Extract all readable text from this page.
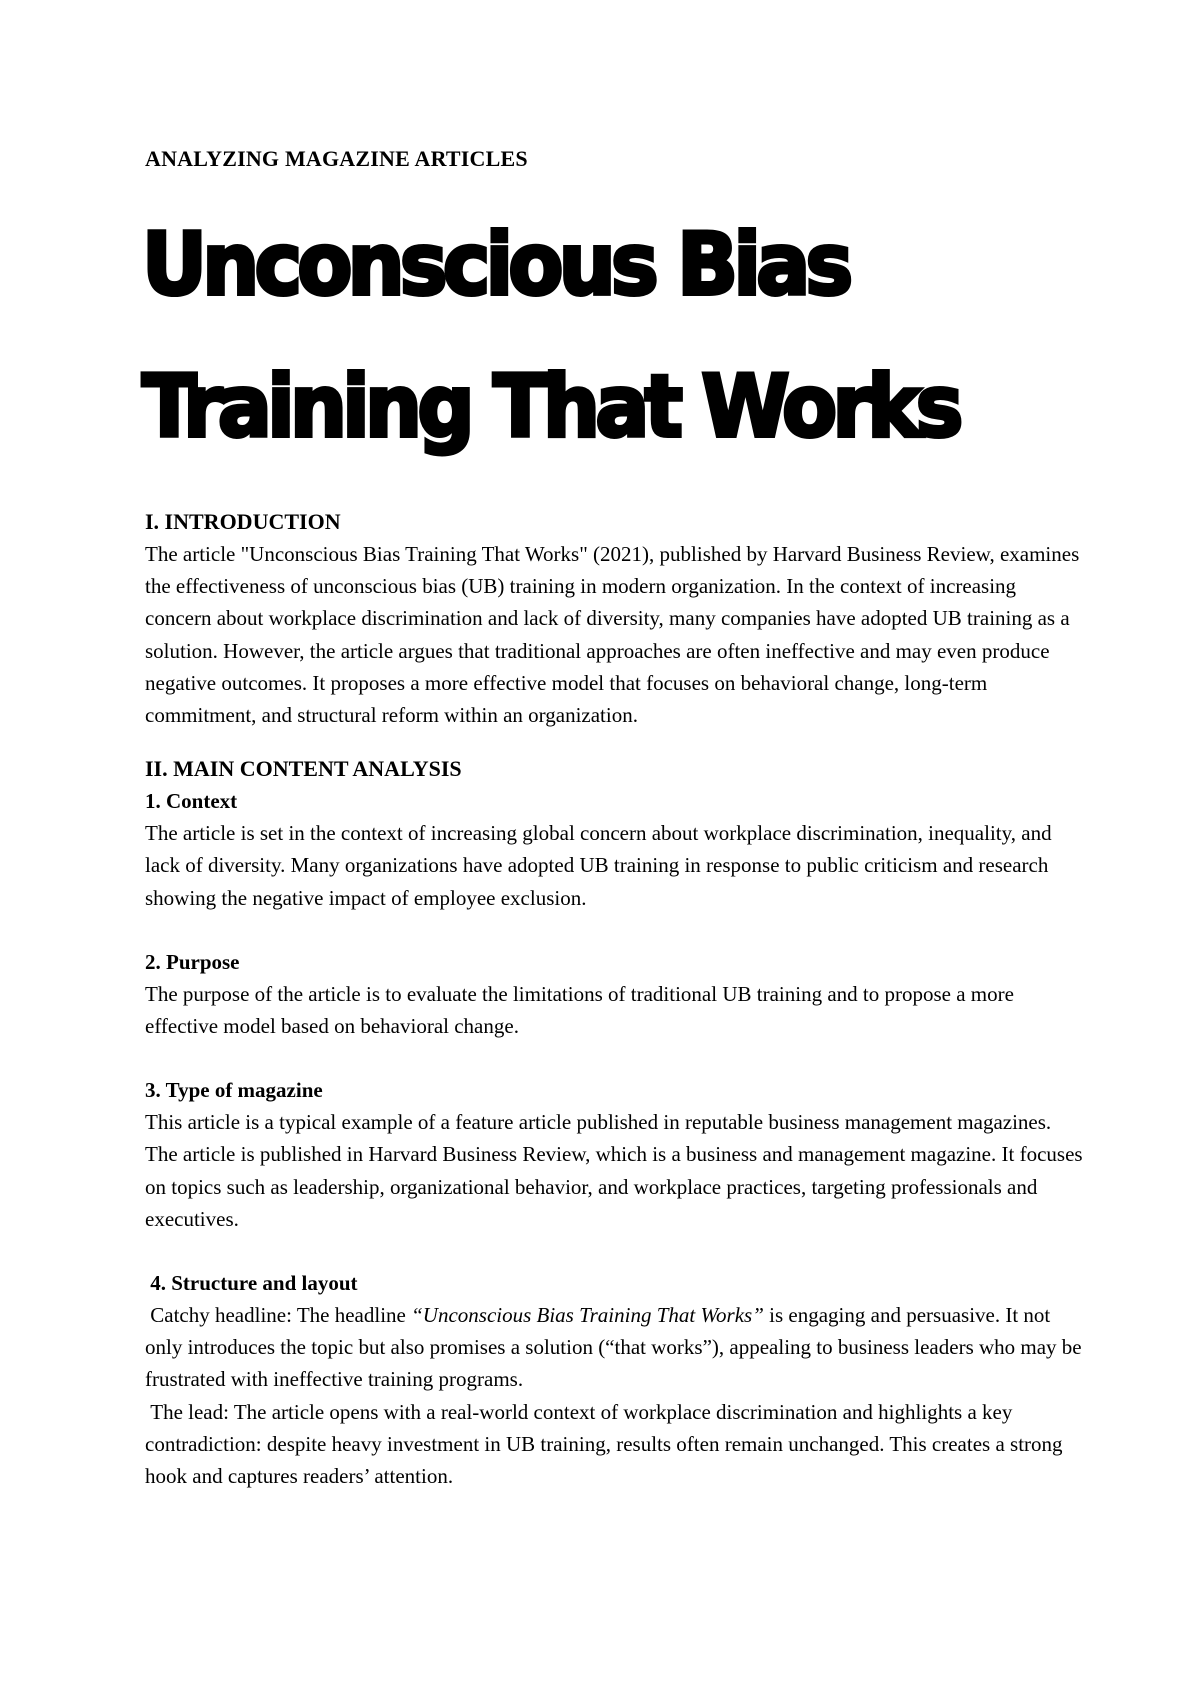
ANALYZING MAGAZINE ARTICLES

Unconscious Bias
Training That Works

I. INTRODUCTION

The article "Unconscious Bias Training That Works" (2021), published by Harvard Business Review, examines the effectiveness of unconscious bias (UB) training in modern organization. In the context of increasing concern about workplace discrimination and lack of diversity, many companies have adopted UB training as a solution. However, the article argues that traditional approaches are often ineffective and may even produce negative outcomes. It proposes a more effective model that focuses on behavioral change, long-term commitment, and structural reform within an organization.

II. MAIN CONTENT ANALYSIS

1. Context

The article is set in the context of increasing global concern about workplace discrimination, inequality, and lack of diversity. Many organizations have adopted UB training in response to public criticism and research showing the negative impact of employee exclusion.

2. Purpose

The purpose of the article is to evaluate the limitations of traditional UB training and to propose a more effective model based on behavioral change.

3. Type of magazine

This article is a typical example of a feature article published in reputable business management magazines. The article is published in Harvard Business Review, which is a business and management magazine. It focuses on topics such as leadership, organizational behavior, and workplace practices, targeting professionals and executives.

4. Structure and layout

Catchy headline: The headline “Unconscious Bias Training That Works” is engaging and persuasive. It not only introduces the topic but also promises a solution (“that works”), appealing to business leaders who may be frustrated with ineffective training programs.

The lead: The article opens with a real-world context of workplace discrimination and highlights a key contradiction: despite heavy investment in UB training, results often remain unchanged. This creates a strong hook and captures readers’ attention.
